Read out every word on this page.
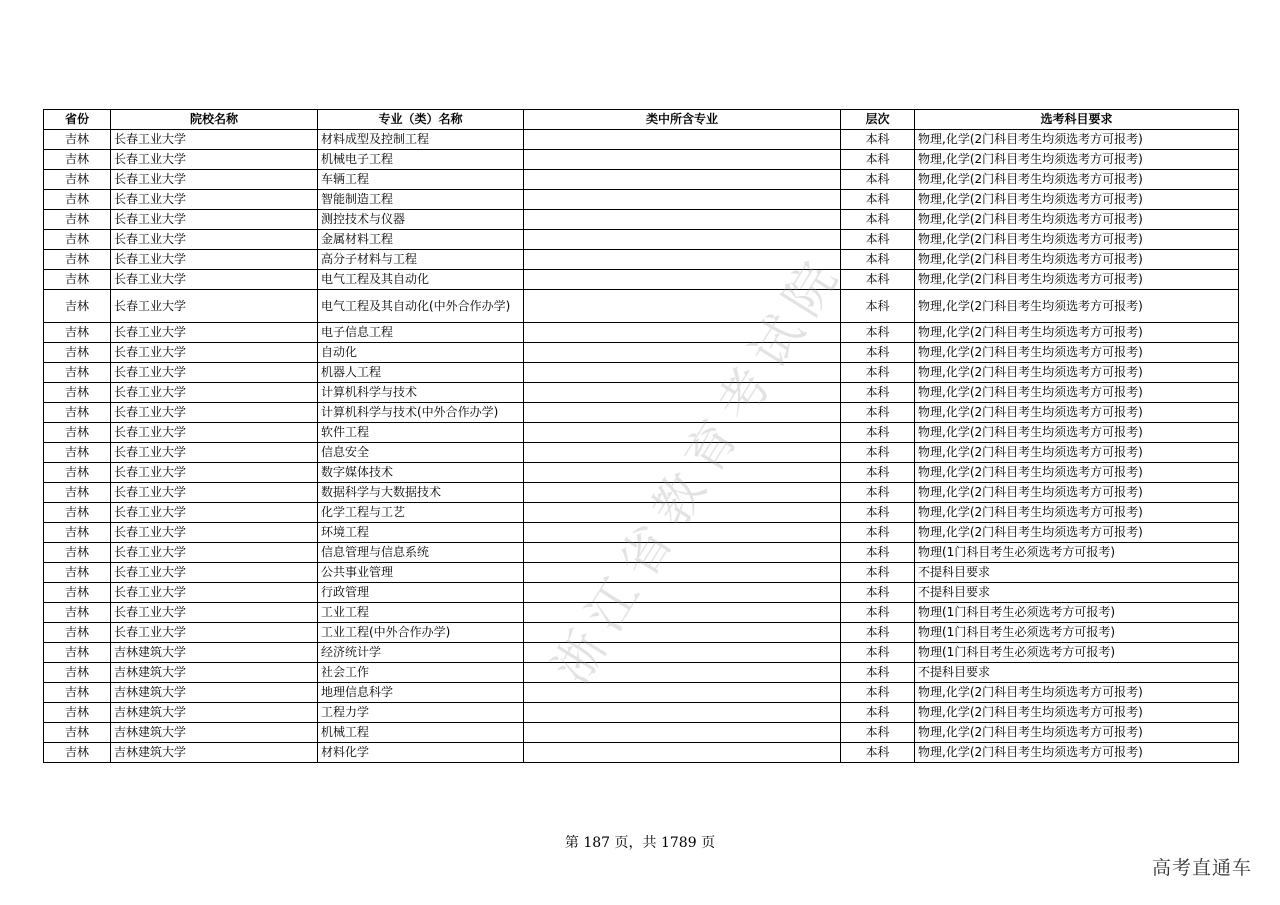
省份	院校名称	专业（类）名称	类中所含专业	层次	选考科目要求
吉林	长春工业大学	材料成型及控制工程		本科	物理,化学(2门科目考生均须选考方可报考)
吉林	长春工业大学	机械电子工程		本科	物理,化学(2门科目考生均须选考方可报考)
吉林	长春工业大学	车辆工程		本科	物理,化学(2门科目考生均须选考方可报考)
吉林	长春工业大学	智能制造工程		本科	物理,化学(2门科目考生均须选考方可报考)
吉林	长春工业大学	测控技术与仪器		本科	物理,化学(2门科目考生均须选考方可报考)
吉林	长春工业大学	金属材料工程		本科	物理,化学(2门科目考生均须选考方可报考)
吉林	长春工业大学	高分子材料与工程		本科	物理,化学(2门科目考生均须选考方可报考)
吉林	长春工业大学	电气工程及其自动化		本科	物理,化学(2门科目考生均须选考方可报考)
吉林	长春工业大学	电气工程及其自动化(中外合作办学)		本科	物理,化学(2门科目考生均须选考方可报考)
吉林	长春工业大学	电子信息工程		本科	物理,化学(2门科目考生均须选考方可报考)
吉林	长春工业大学	自动化		本科	物理,化学(2门科目考生均须选考方可报考)
吉林	长春工业大学	机器人工程		本科	物理,化学(2门科目考生均须选考方可报考)
吉林	长春工业大学	计算机科学与技术		本科	物理,化学(2门科目考生均须选考方可报考)
吉林	长春工业大学	计算机科学与技术(中外合作办学)		本科	物理,化学(2门科目考生均须选考方可报考)
吉林	长春工业大学	软件工程		本科	物理,化学(2门科目考生均须选考方可报考)
吉林	长春工业大学	信息安全		本科	物理,化学(2门科目考生均须选考方可报考)
吉林	长春工业大学	数字媒体技术		本科	物理,化学(2门科目考生均须选考方可报考)
吉林	长春工业大学	数据科学与大数据技术		本科	物理,化学(2门科目考生均须选考方可报考)
吉林	长春工业大学	化学工程与工艺		本科	物理,化学(2门科目考生均须选考方可报考)
吉林	长春工业大学	环境工程		本科	物理,化学(2门科目考生均须选考方可报考)
吉林	长春工业大学	信息管理与信息系统		本科	物理(1门科目考生必须选考方可报考)
吉林	长春工业大学	公共事业管理		本科	不提科目要求
吉林	长春工业大学	行政管理		本科	不提科目要求
吉林	长春工业大学	工业工程		本科	物理(1门科目考生必须选考方可报考)
吉林	长春工业大学	工业工程(中外合作办学)		本科	物理(1门科目考生必须选考方可报考)
吉林	吉林建筑大学	经济统计学		本科	物理(1门科目考生必须选考方可报考)
吉林	吉林建筑大学	社会工作		本科	不提科目要求
吉林	吉林建筑大学	地理信息科学		本科	物理,化学(2门科目考生均须选考方可报考)
吉林	吉林建筑大学	工程力学		本科	物理,化学(2门科目考生均须选考方可报考)
吉林	吉林建筑大学	机械工程		本科	物理,化学(2门科目考生均须选考方可报考)
吉林	吉林建筑大学	材料化学		本科	物理,化学(2门科目考生均须选考方可报考)
浙江省教育考试院
第 187 页，共 1789 页
高考直通车
